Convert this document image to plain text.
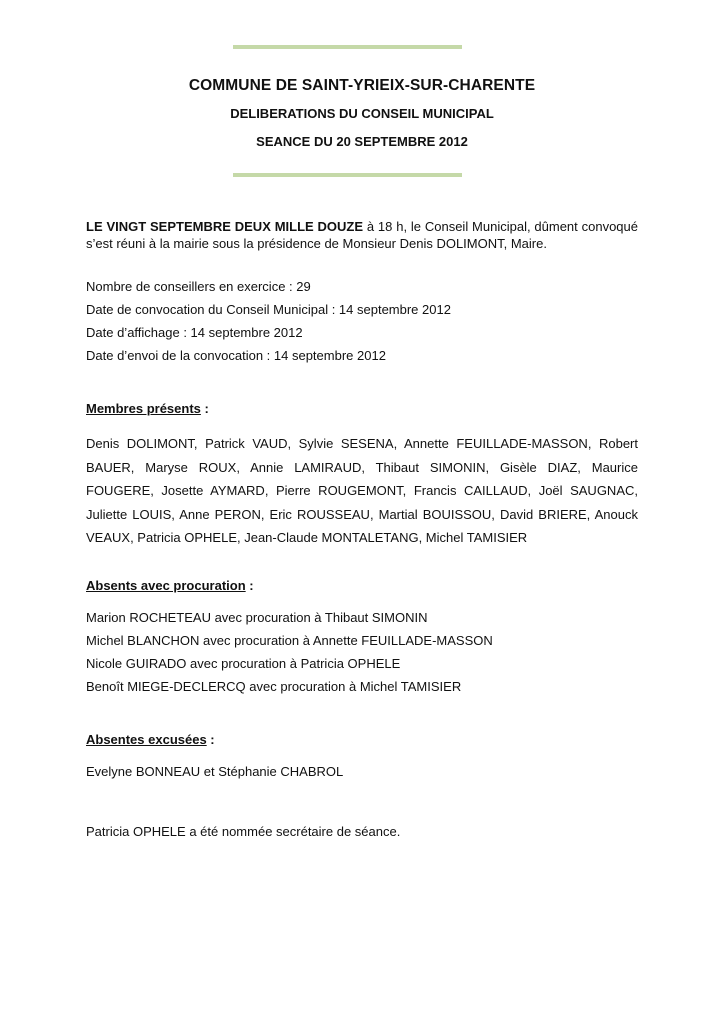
COMMUNE DE SAINT-YRIEIX-SUR-CHARENTE
DELIBERATIONS DU CONSEIL MUNICIPAL
SEANCE DU 20 SEPTEMBRE 2012
LE VINGT SEPTEMBRE DEUX MILLE DOUZE à 18 h, le Conseil Municipal, dûment convoqué s’est réuni à la mairie sous la présidence de Monsieur Denis DOLIMONT, Maire.
Nombre de conseillers en exercice : 29
Date de convocation du Conseil Municipal : 14 septembre 2012
Date d’affichage : 14 septembre 2012
Date d’envoi de la convocation : 14 septembre 2012
Membres présents :
Denis DOLIMONT, Patrick VAUD, Sylvie SESENA, Annette FEUILLADE-MASSON, Robert BAUER, Maryse ROUX, Annie LAMIRAUD, Thibaut SIMONIN, Gisèle DIAZ, Maurice FOUGERE, Josette AYMARD, Pierre ROUGEMONT, Francis CAILLAUD, Joël SAUGNAC, Juliette LOUIS, Anne PERON, Eric ROUSSEAU, Martial BOUISSOU, David BRIERE, Anouck VEAUX, Patricia OPHELE, Jean-Claude MONTALETANG, Michel TAMISIER
Absents avec procuration :
Marion ROCHETEAU avec procuration à Thibaut SIMONIN
Michel BLANCHON avec procuration à Annette FEUILLADE-MASSON
Nicole GUIRADO avec procuration à Patricia OPHELE
Benoît MIEGE-DECLERCQ avec procuration à Michel TAMISIER
Absentes excusées :
Evelyne BONNEAU et Stéphanie CHABROL
Patricia OPHELE a été nommée secrétaire de séance.
